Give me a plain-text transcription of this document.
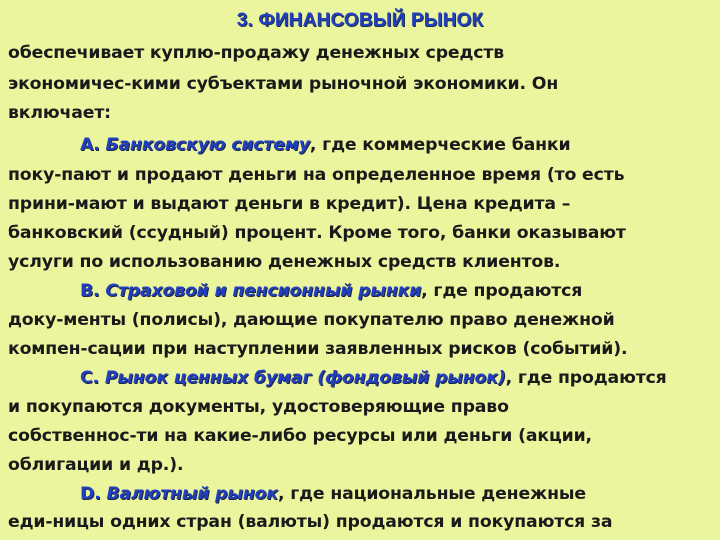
3. ФИНАНСОВЫЙ РЫНОК
обеспечивает куплю-продажу денежных средств
экономичес-кими субъектами рыночной экономики. Он
включает:
А. Банковскую систему, где коммерческие банки
поку-пают и продают деньги на определенное время (то есть
прини-мают и выдают деньги в кредит). Цена кредита –
банковский (ссудный) процент. Кроме того, банки оказывают
услуги по использованию денежных средств клиентов.
В. Страховой и пенсионный рынки, где продаются
доку-менты (полисы), дающие покупателю право денежной
компен-сации при наступлении заявленных рисков (событий).
С. Рынок ценных бумаг (фондовый рынок), где продаются
и покупаются документы, удостоверяющие право
собственнос-ти на какие-либо ресурсы или деньги (акции,
облигации и др.).
D. Валютный рынок, где национальные денежные
еди-ницы одних стран (валюты) продаются и покупаются за
